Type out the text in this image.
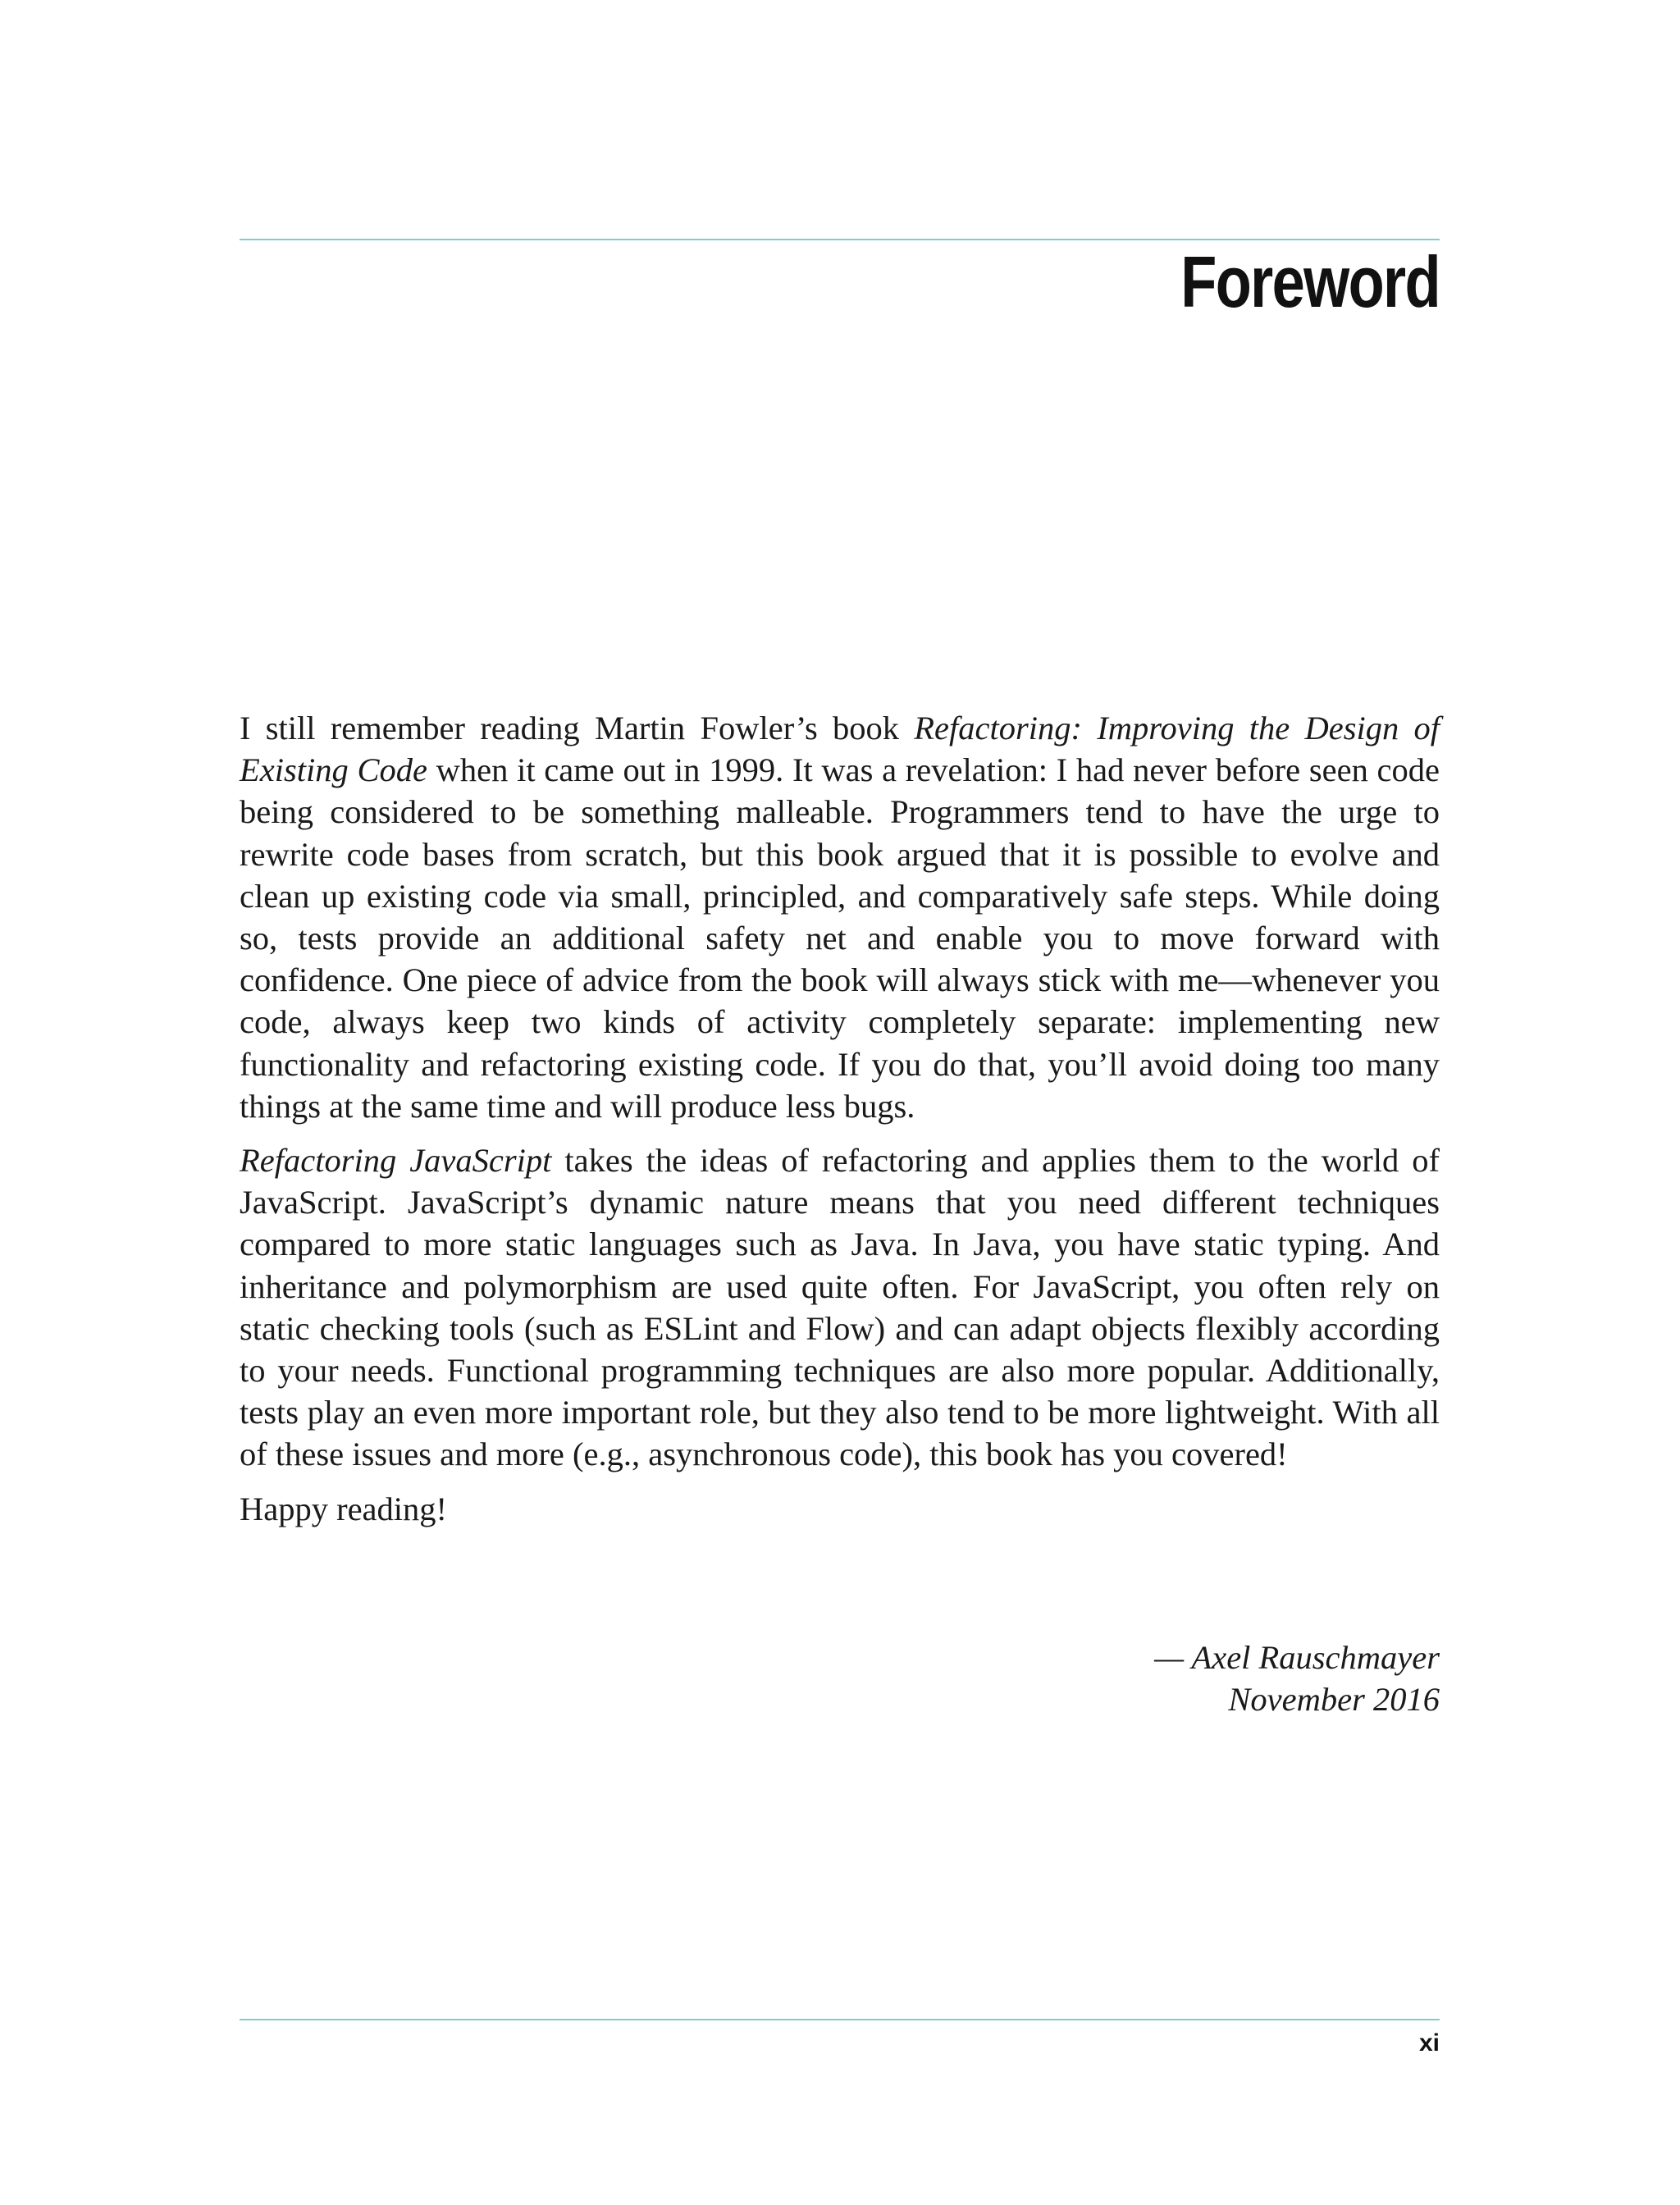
Foreword

I still remember reading Martin Fowler’s book Refactoring: Improving the Design of Existing Code when it came out in 1999. It was a revelation: I had never before seen code being considered to be something malleable. Programmers tend to have the urge to rewrite code bases from scratch, but this book argued that it is possible to evolve and clean up existing code via small, principled, and comparatively safe steps. While doing so, tests provide an additional safety net and enable you to move forward with confidence. One piece of advice from the book will always stick with me—whenever you code, always keep two kinds of activity completely separate: implementing new functionality and refactoring existing code. If you do that, you’ll avoid doing too many things at the same time and will produce less bugs.

Refactoring JavaScript takes the ideas of refactoring and applies them to the world of JavaScript. JavaScript’s dynamic nature means that you need different techniques compared to more static languages such as Java. In Java, you have static typing. And inheritance and polymorphism are used quite often. For JavaScript, you often rely on static checking tools (such as ESLint and Flow) and can adapt objects flexibly according to your needs. Functional programming techniques are also more popular. Additionally, tests play an even more important role, but they also tend to be more lightweight. With all of these issues and more (e.g., asynchronous code), this book has you covered!

Happy reading!

— Axel Rauschmayer
November 2016
xi
